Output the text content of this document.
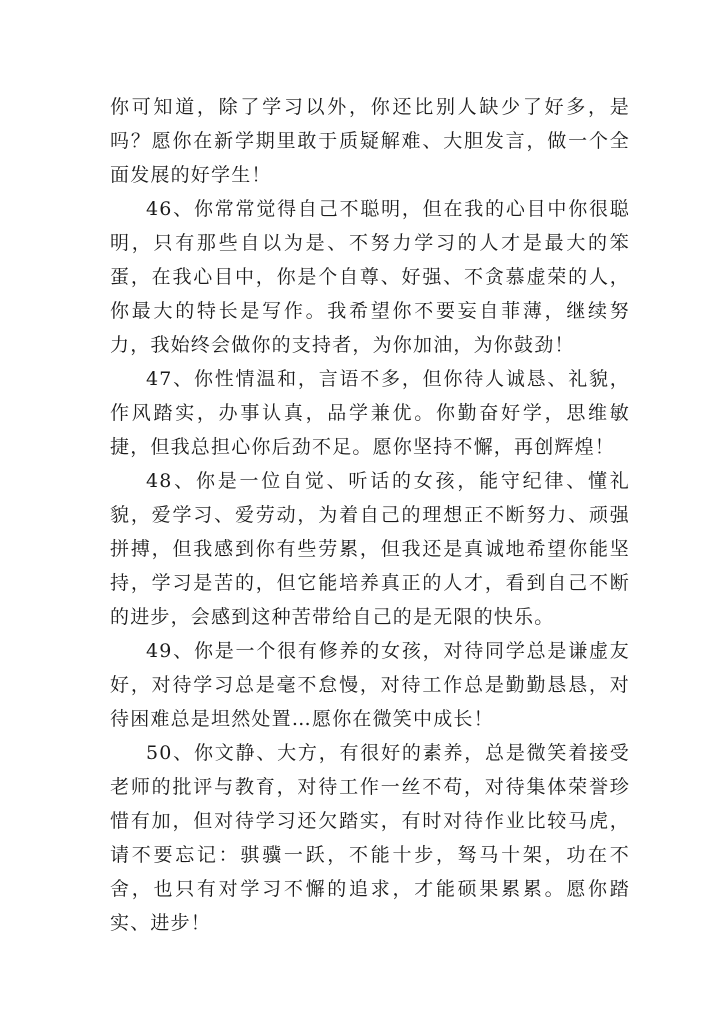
你可知道，除了学习以外，你还比别人缺少了好多，是吗？愿你在新学期里敢于质疑解难、大胆发言，做一个全面发展的好学生！

46、你常常觉得自己不聪明，但在我的心目中你很聪明，只有那些自以为是、不努力学习的人才是最大的笨蛋，在我心目中，你是个自尊、好强、不贪慕虚荣的人，你最大的特长是写作。我希望你不要妄自菲薄，继续努力，我始终会做你的支持者，为你加油，为你鼓劲！

47、你性情温和，言语不多，但你待人诚恳、礼貌，作风踏实，办事认真，品学兼优。你勤奋好学，思维敏捷，但我总担心你后劲不足。愿你坚持不懈，再创辉煌！

48、你是一位自觉、听话的女孩，能守纪律、懂礼貌，爱学习、爱劳动，为着自己的理想正不断努力、顽强拼搏，但我感到你有些劳累，但我还是真诚地希望你能坚持，学习是苦的，但它能培养真正的人才，看到自己不断的进步，会感到这种苦带给自己的是无限的快乐。

49、你是一个很有修养的女孩，对待同学总是谦虚友好，对待学习总是毫不怠慢，对待工作总是勤勤恳恳，对待困难总是坦然处置…愿你在微笑中成长！

50、你文静、大方，有很好的素养，总是微笑着接受老师的批评与教育，对待工作一丝不苟，对待集体荣誉珍惜有加，但对待学习还欠踏实，有时对待作业比较马虎，请不要忘记：骐骥一跃，不能十步，驽马十架，功在不舍，也只有对学习不懈的追求，才能硕果累累。愿你踏实、进步！
